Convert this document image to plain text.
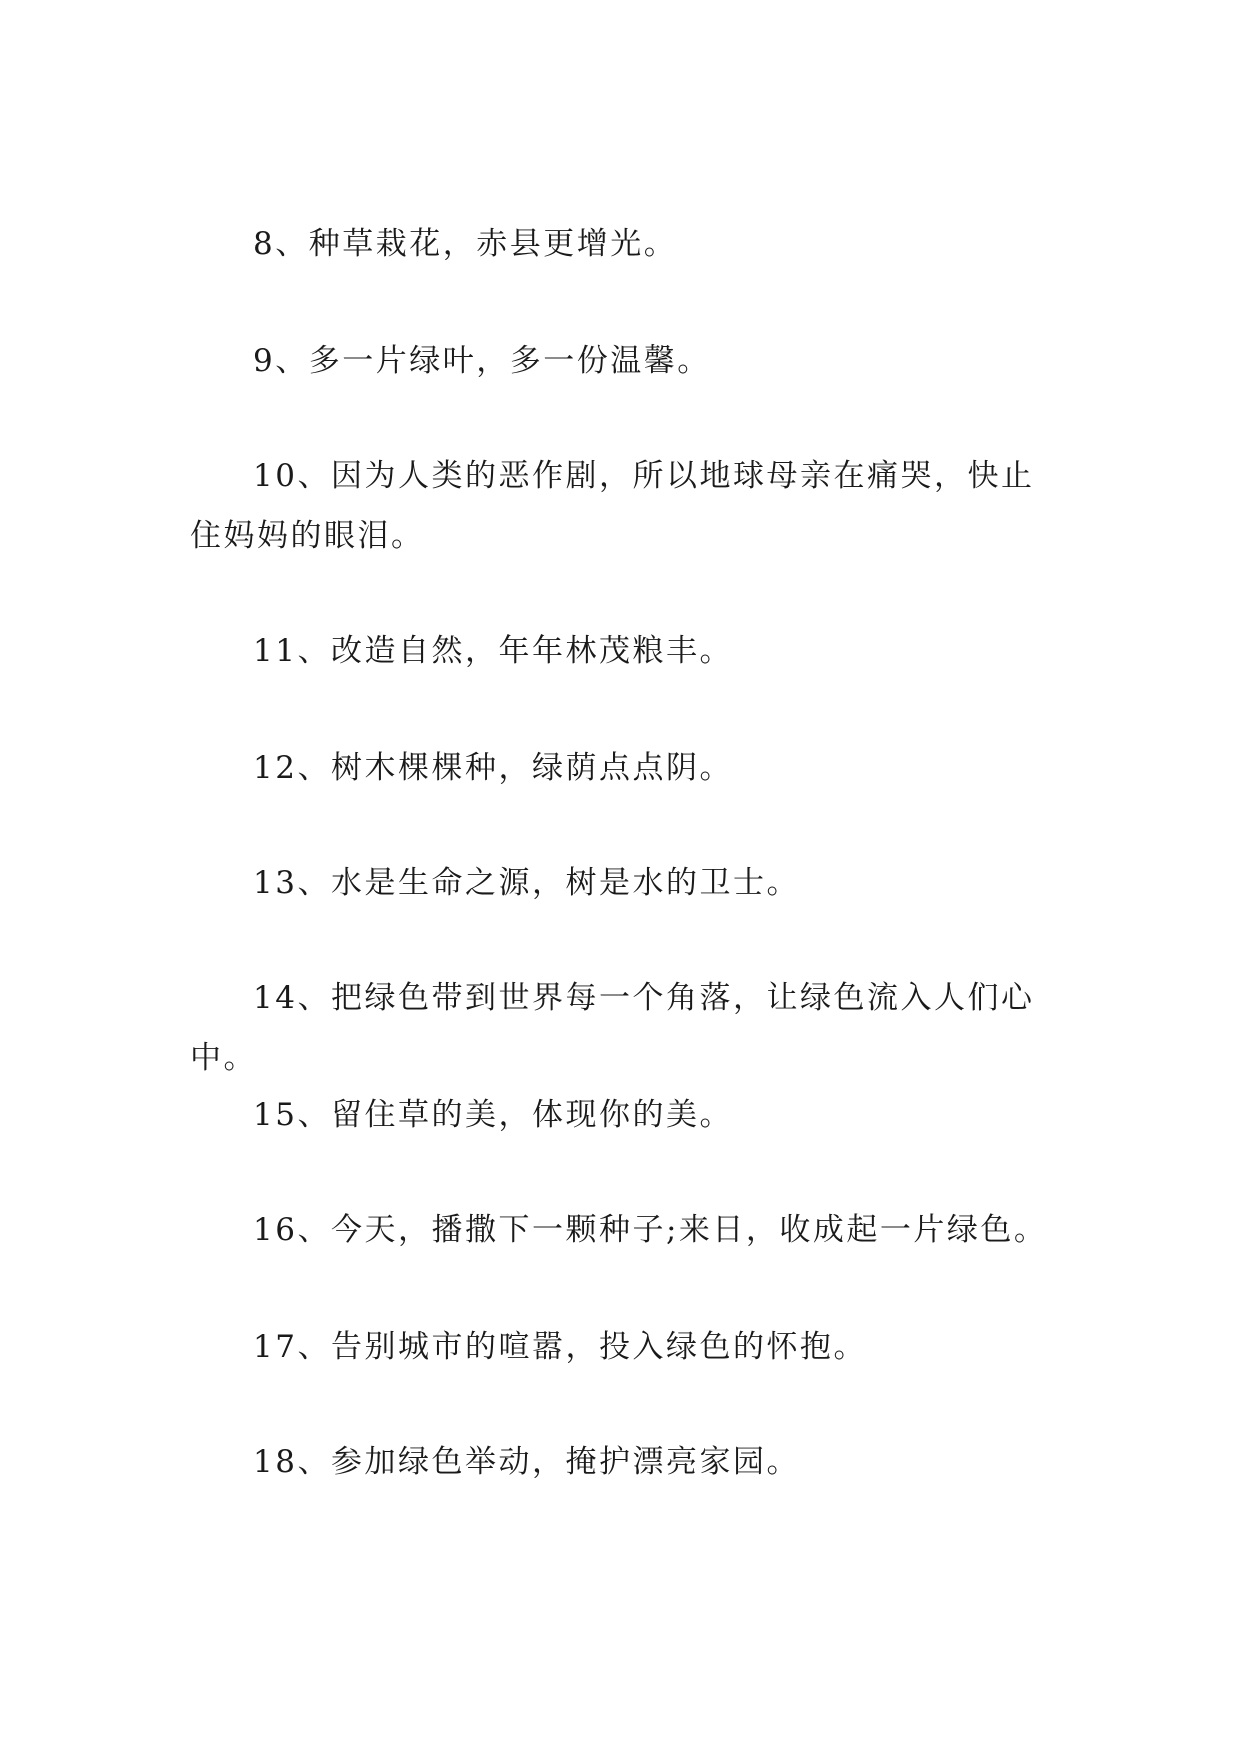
8、种草栽花，赤县更增光。

9、多一片绿叶，多一份温馨。

10、因为人类的恶作剧，所以地球母亲在痛哭，快止住妈妈的眼泪。

11、改造自然，年年林茂粮丰。

12、树木棵棵种，绿荫点点阴。

13、水是生命之源，树是水的卫士。

14、把绿色带到世界每一个角落，让绿色流入人们心中。

15、留住草的美，体现你的美。

16、今天，播撒下一颗种子;来日，收成起一片绿色。

17、告别城市的喧嚣，投入绿色的怀抱。

18、参加绿色举动，掩护漂亮家园。
